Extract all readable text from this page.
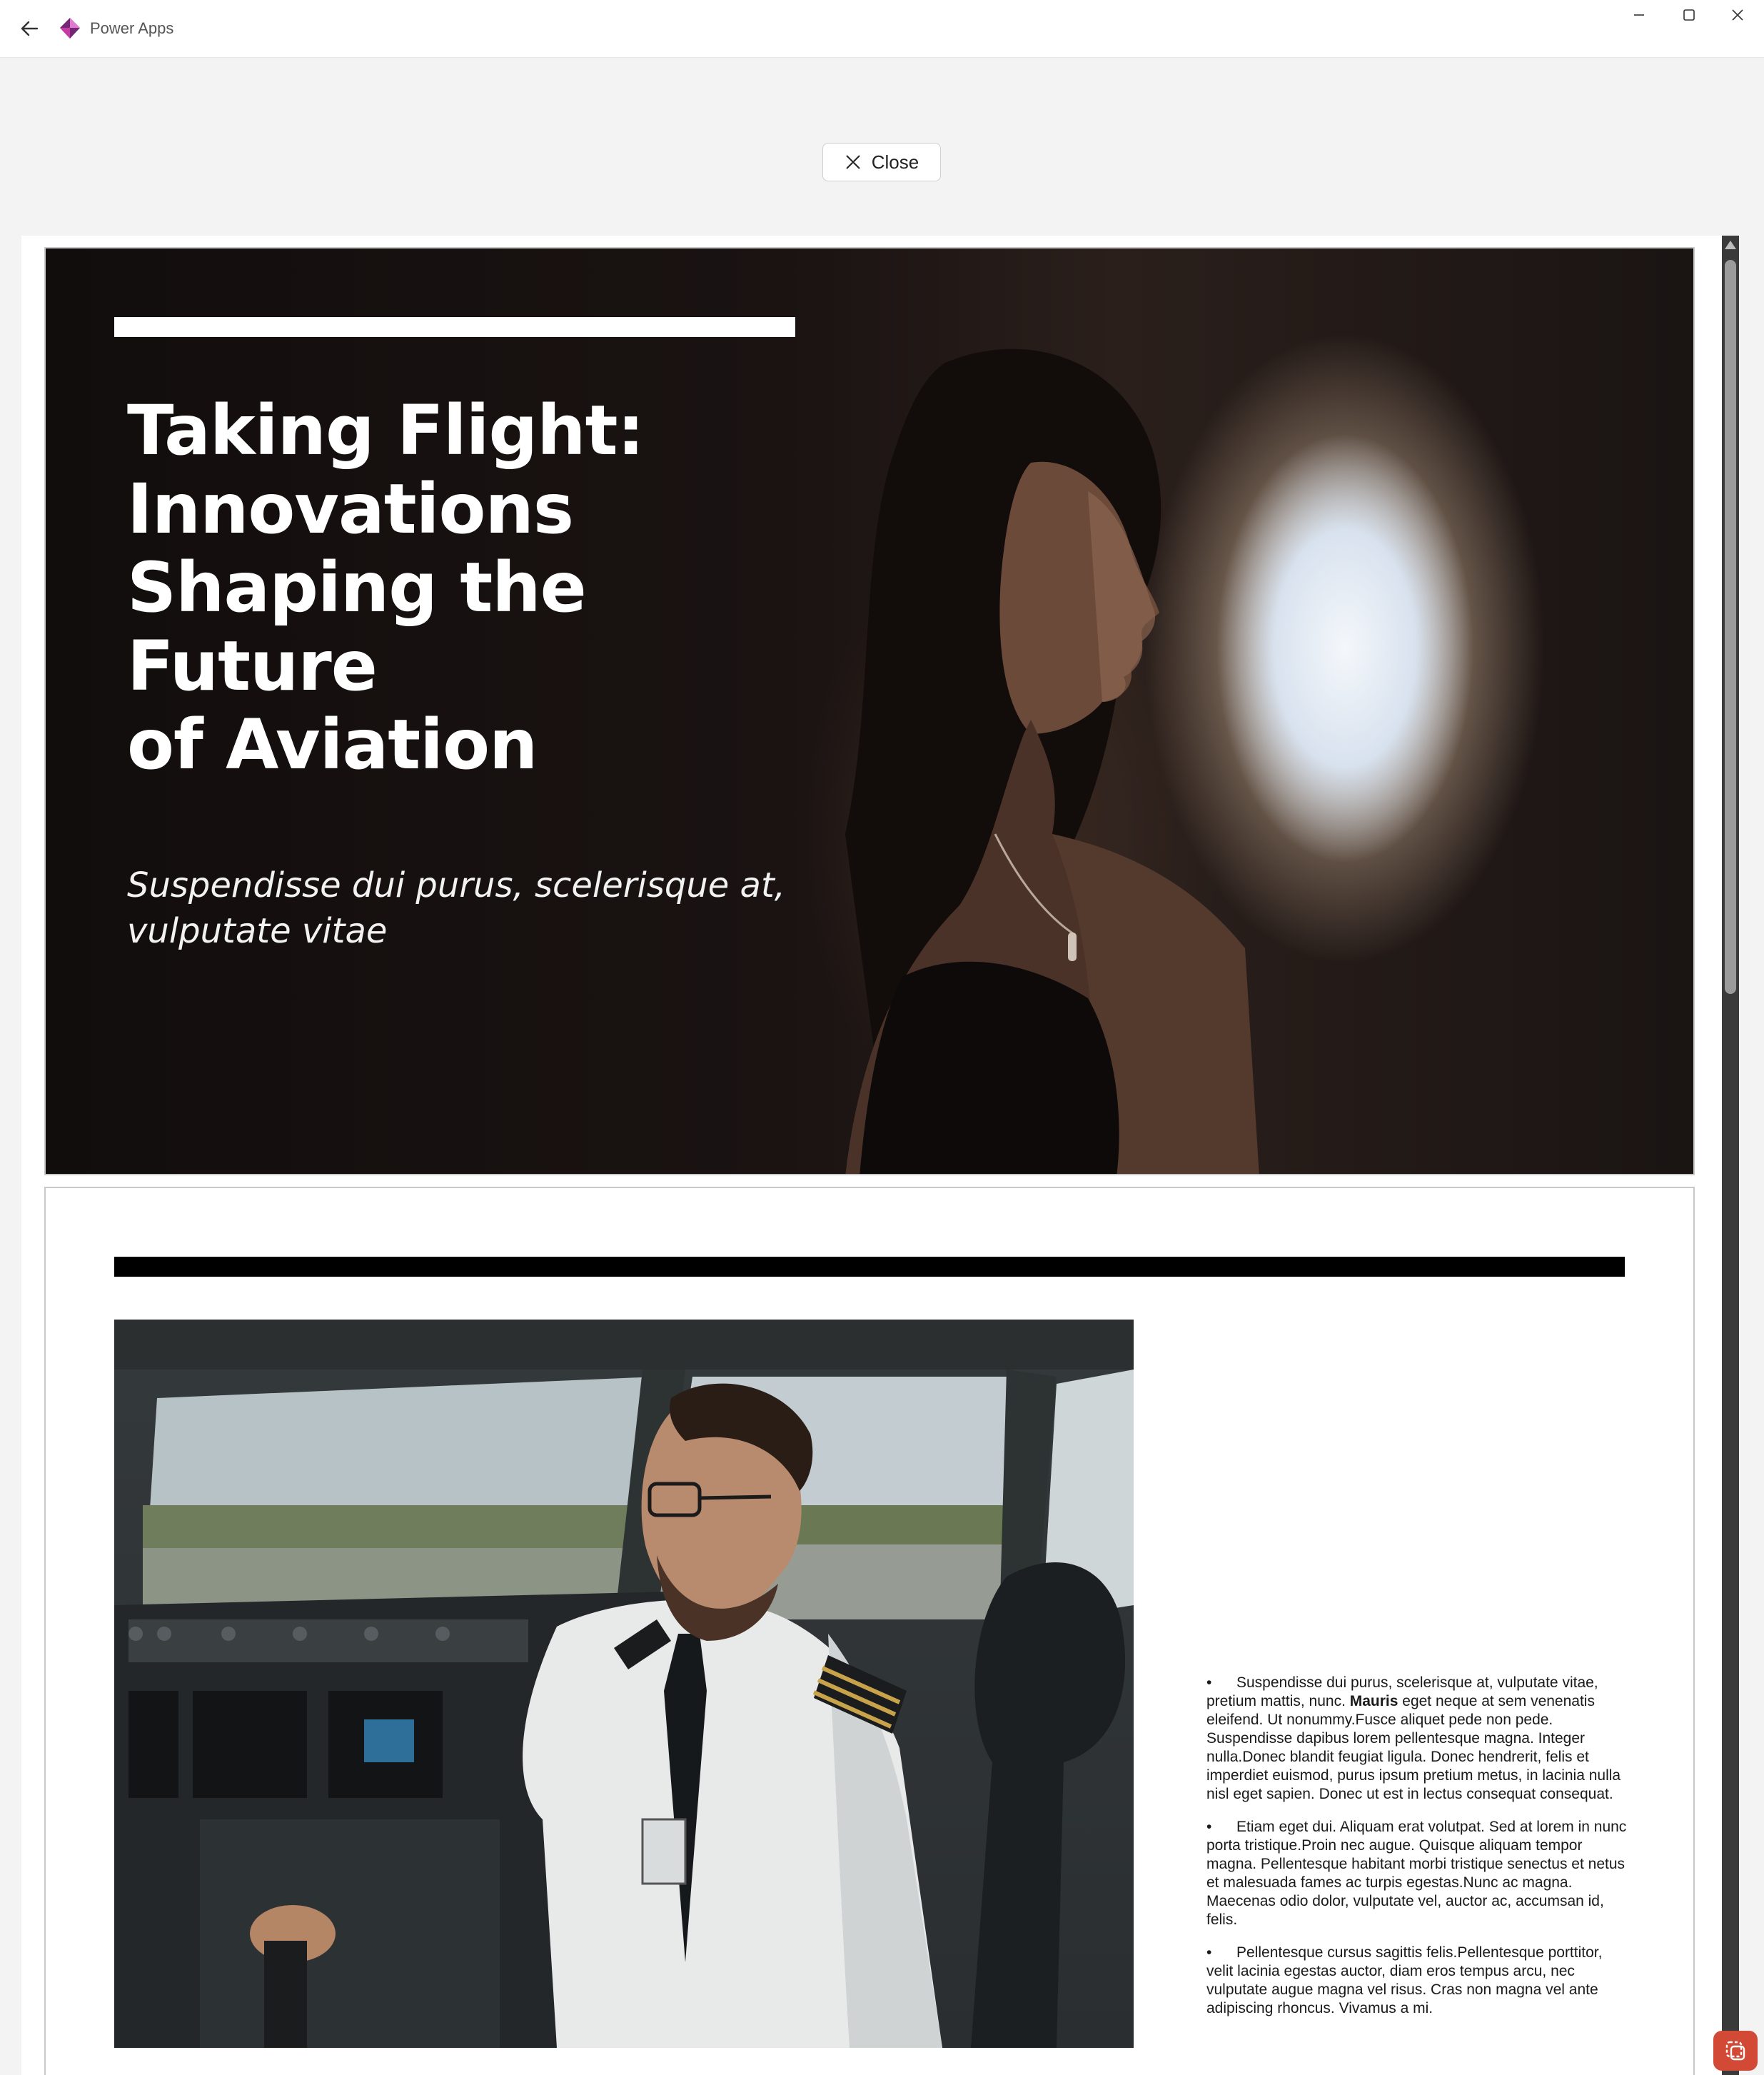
Power Apps
Close
Taking Flight:
Innovations
Shaping the Future
of Aviation
Suspendisse dui purus, scelerisque at,
vulputate vitae

• Suspendisse dui purus, scelerisque at, vulputate vitae, pretium mattis, nunc. Mauris eget neque at sem venenatis eleifend. Ut nonummy.Fusce aliquet pede non pede. Suspendisse dapibus lorem pellentesque magna. Integer nulla.Donec blandit feugiat ligula. Donec hendrerit, felis et imperdiet euismod, purus ipsum pretium metus, in lacinia nulla nisl eget sapien. Donec ut est in lectus consequat consequat.

• Etiam eget dui. Aliquam erat volutpat. Sed at lorem in nunc porta tristique.Proin nec augue. Quisque aliquam tempor magna. Pellentesque habitant morbi tristique senectus et netus et malesuada fames ac turpis egestas.Nunc ac magna. Maecenas odio dolor, vulputate vel, auctor ac, accumsan id, felis.

• Pellentesque cursus sagittis felis.Pellentesque porttitor, velit lacinia egestas auctor, diam eros tempus arcu, nec vulputate augue magna vel risus. Cras non magna vel ante adipiscing rhoncus. Vivamus a mi.
